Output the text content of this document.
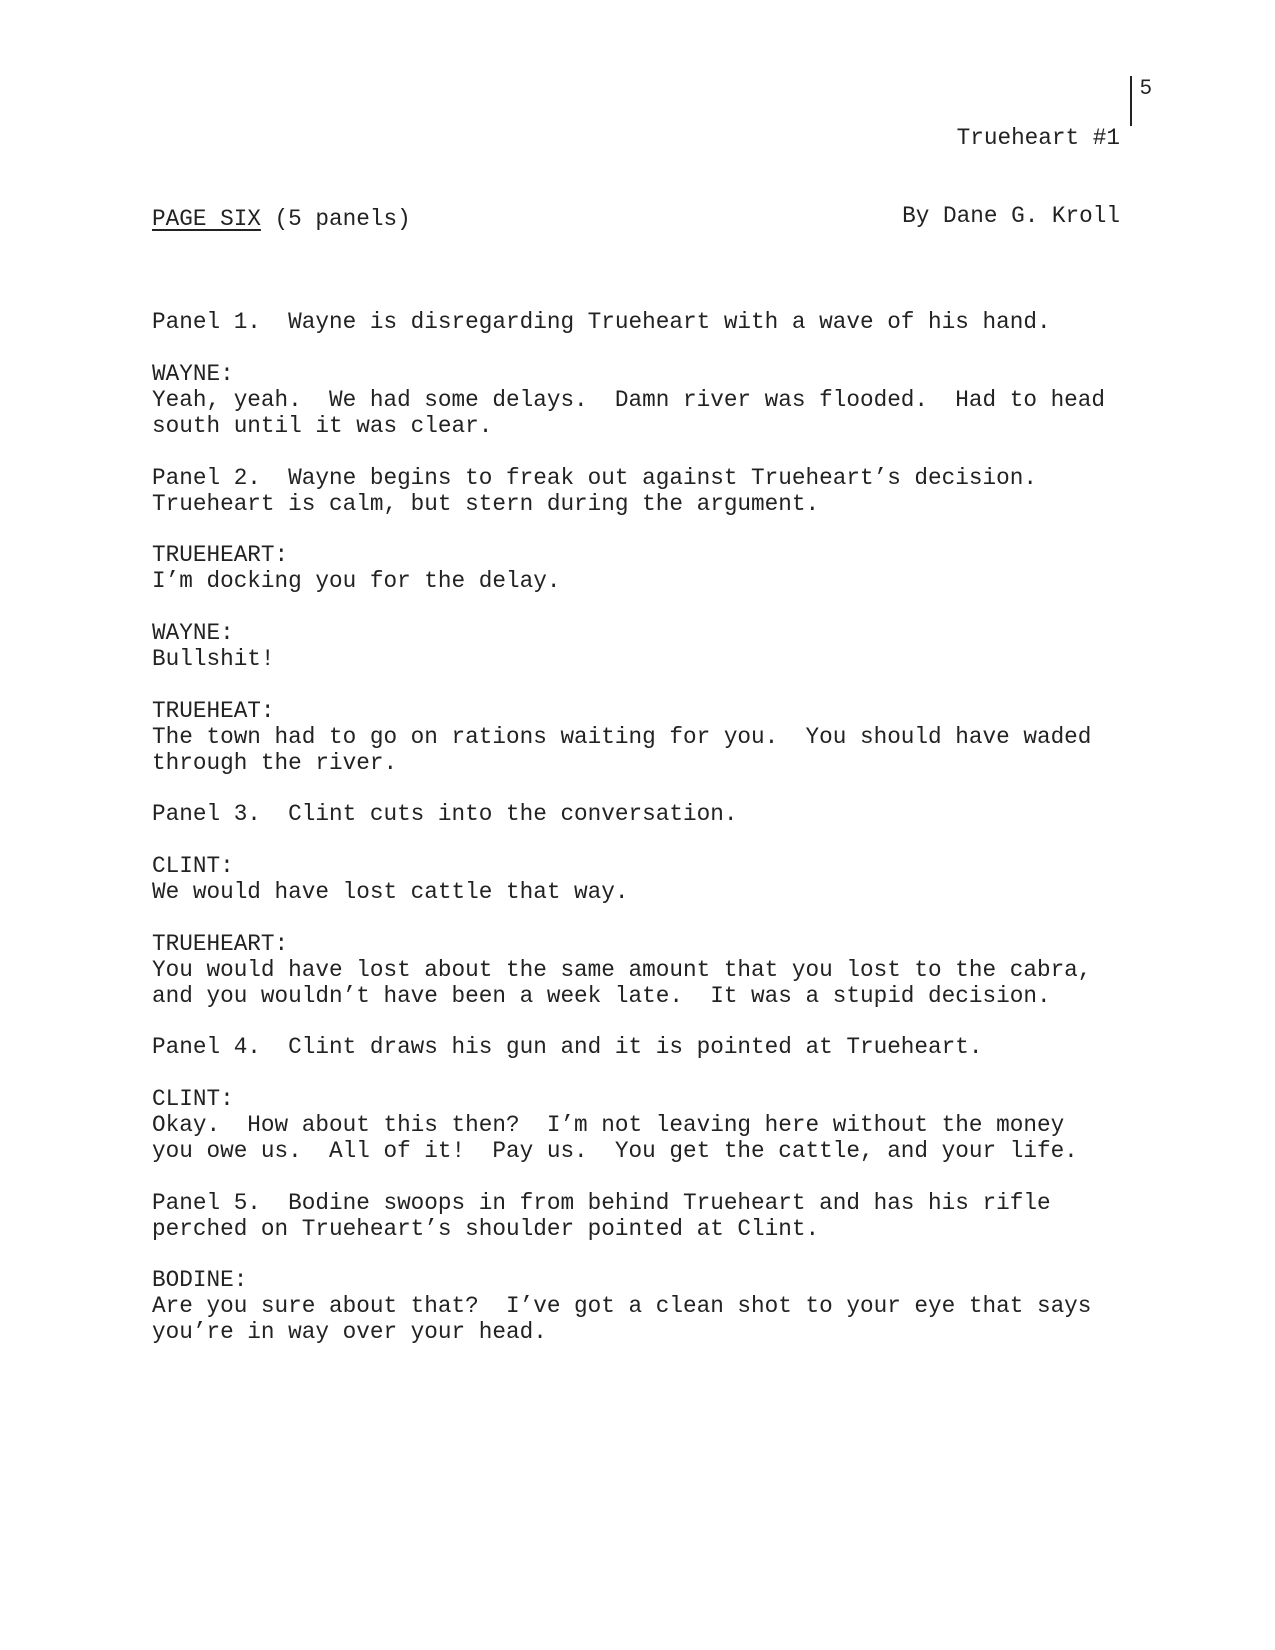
Trueheart #1

By Dane G. Kroll

5

PAGE SIX (5 panels)

Panel 1.  Wayne is disregarding Trueheart with a wave of his hand.
WAYNE:
Yeah, yeah.  We had some delays.  Damn river was flooded.  Had to head
south until it was clear.
Panel 2.  Wayne begins to freak out against Trueheart’s decision.
Trueheart is calm, but stern during the argument.
TRUEHEART:
I’m docking you for the delay.
WAYNE:
Bullshit!
TRUEHEAT:
The town had to go on rations waiting for you.  You should have waded
through the river.
Panel 3.  Clint cuts into the conversation.
CLINT:
We would have lost cattle that way.
TRUEHEART:
You would have lost about the same amount that you lost to the cabra,
and you wouldn’t have been a week late.  It was a stupid decision.
Panel 4.  Clint draws his gun and it is pointed at Trueheart.
CLINT:
Okay.  How about this then?  I’m not leaving here without the money
you owe us.  All of it!  Pay us.  You get the cattle, and your life.
Panel 5.  Bodine swoops in from behind Trueheart and has his rifle
perched on Trueheart’s shoulder pointed at Clint.
BODINE:
Are you sure about that?  I’ve got a clean shot to your eye that says
you’re in way over your head.
